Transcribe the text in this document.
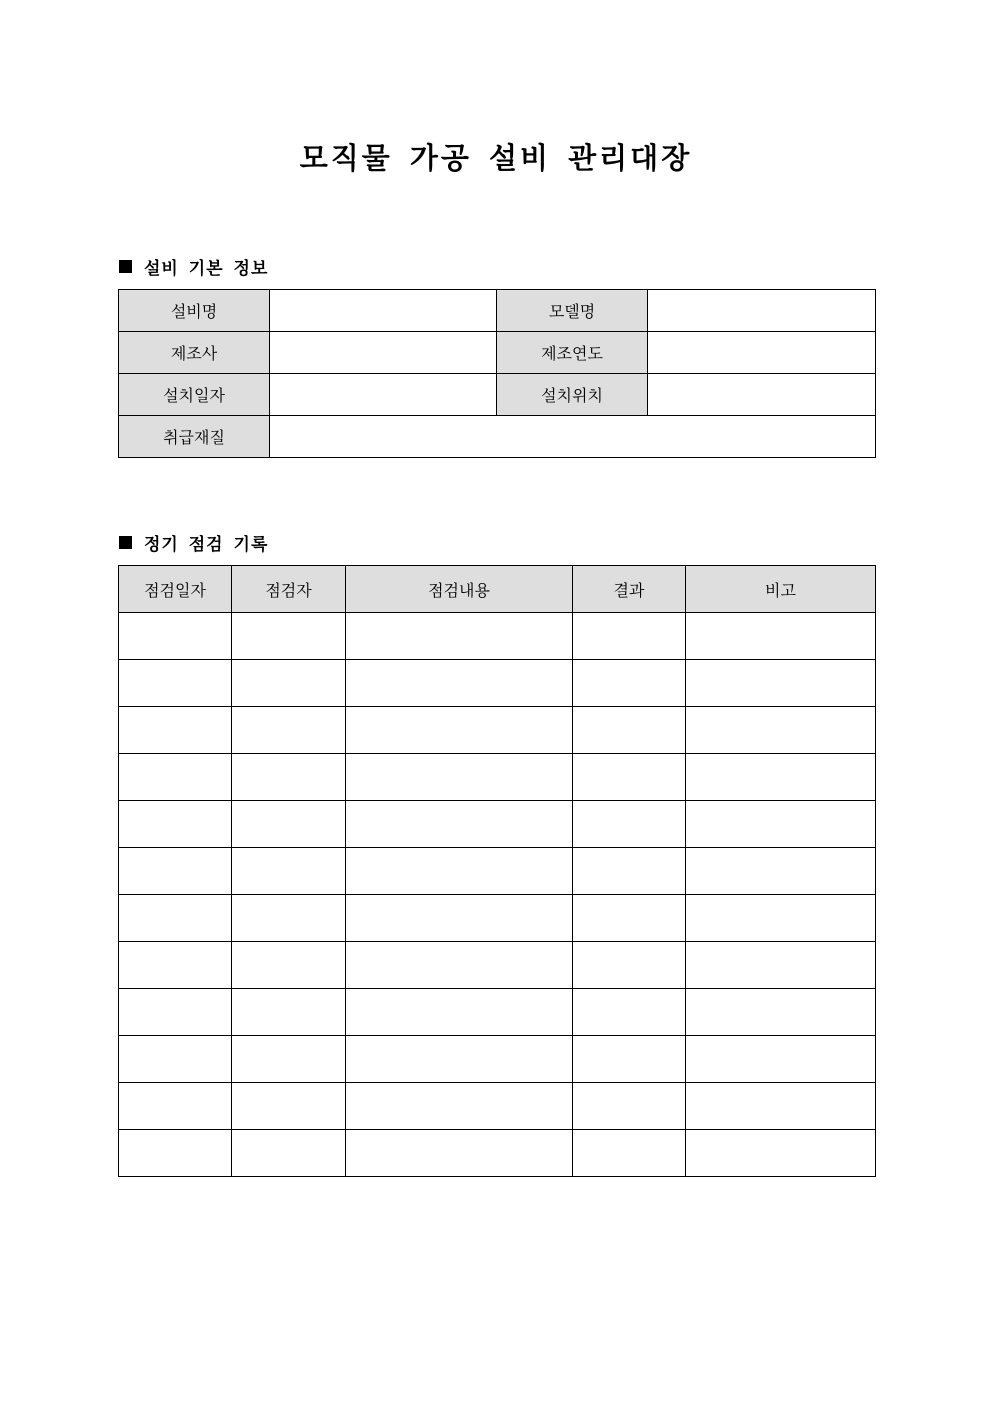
모직물 가공 설비 관리대장
설비 기본 정보
설비명		모델명	
제조사		제조연도	
설치일자		설치위치	
취급재질			
정기 점검 기록
점검일자	점검자	점검내용	결과	비고
